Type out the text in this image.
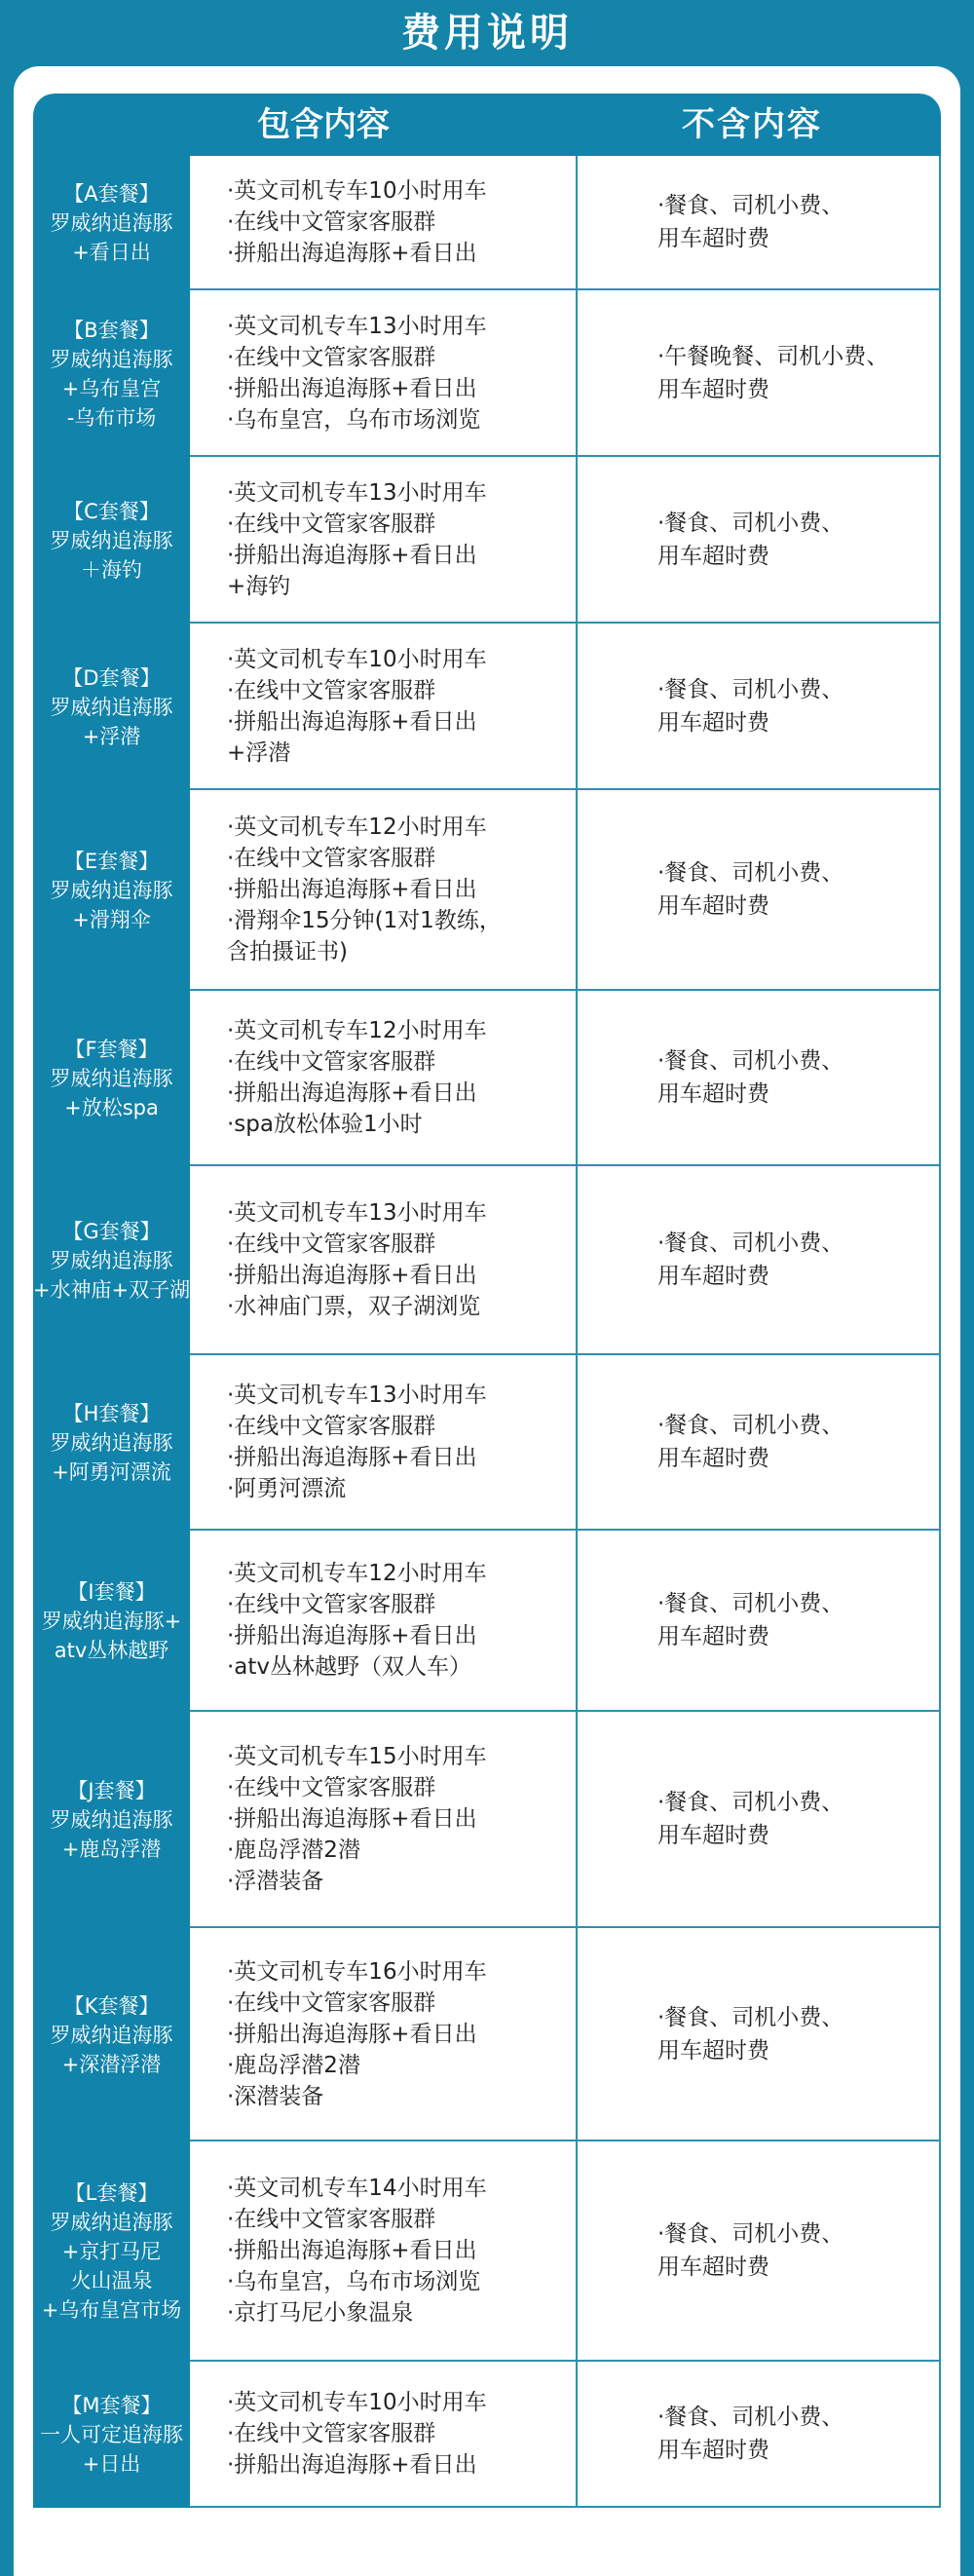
费用说明
包含内容	不含内容
【A套餐】
罗威纳追海豚
+看日出
·英文司机专车10小时用车
·在线中文管家客服群
·拼船出海追海豚+看日出
·餐食、司机小费、
用车超时费
【B套餐】
罗威纳追海豚
+乌布皇宫
-乌布市场
·英文司机专车13小时用车
·在线中文管家客服群
·拼船出海追海豚+看日出
·乌布皇宫，乌布市场浏览
·午餐晚餐、司机小费、
用车超时费
【C套餐】
罗威纳追海豚
＋海钓
·英文司机专车13小时用车
·在线中文管家客服群
·拼船出海追海豚+看日出
+海钓
·餐食、司机小费、
用车超时费
【D套餐】
罗威纳追海豚
+浮潜
·英文司机专车10小时用车
·在线中文管家客服群
·拼船出海追海豚+看日出
+浮潜
·餐食、司机小费、
用车超时费
【E套餐】
罗威纳追海豚
+滑翔伞
·英文司机专车12小时用车
·在线中文管家客服群
·拼船出海追海豚+看日出
·滑翔伞15分钟(1对1教练，
含拍摄证书)
·餐食、司机小费、
用车超时费
【F套餐】
罗威纳追海豚
+放松spa
·英文司机专车12小时用车
·在线中文管家客服群
·拼船出海追海豚+看日出
·spa放松体验1小时
·餐食、司机小费、
用车超时费
【G套餐】
罗威纳追海豚
+水神庙+双子湖
·英文司机专车13小时用车
·在线中文管家客服群
·拼船出海追海豚+看日出
·水神庙门票，双子湖浏览
·餐食、司机小费、
用车超时费
【H套餐】
罗威纳追海豚
+阿勇河漂流
·英文司机专车13小时用车
·在线中文管家客服群
·拼船出海追海豚+看日出
·阿勇河漂流
·餐食、司机小费、
用车超时费
【I套餐】
罗威纳追海豚+
atv丛林越野
·英文司机专车12小时用车
·在线中文管家客服群
·拼船出海追海豚+看日出
·atv丛林越野（双人车）
·餐食、司机小费、
用车超时费
【J套餐】
罗威纳追海豚
+鹿岛浮潜
·英文司机专车15小时用车
·在线中文管家客服群
·拼船出海追海豚+看日出
·鹿岛浮潜2潜
·浮潜装备
·餐食、司机小费、
用车超时费
【K套餐】
罗威纳追海豚
+深潜浮潜
·英文司机专车16小时用车
·在线中文管家客服群
·拼船出海追海豚+看日出
·鹿岛浮潜2潜
·深潜装备
·餐食、司机小费、
用车超时费
【L套餐】
罗威纳追海豚
+京打马尼
火山温泉
+乌布皇宫市场
·英文司机专车14小时用车
·在线中文管家客服群
·拼船出海追海豚+看日出
·乌布皇宫，乌布市场浏览
·京打马尼小象温泉
·餐食、司机小费、
用车超时费
【M套餐】
一人可定追海豚
+日出
·英文司机专车10小时用车
·在线中文管家客服群
·拼船出海追海豚+看日出
·餐食、司机小费、
用车超时费
